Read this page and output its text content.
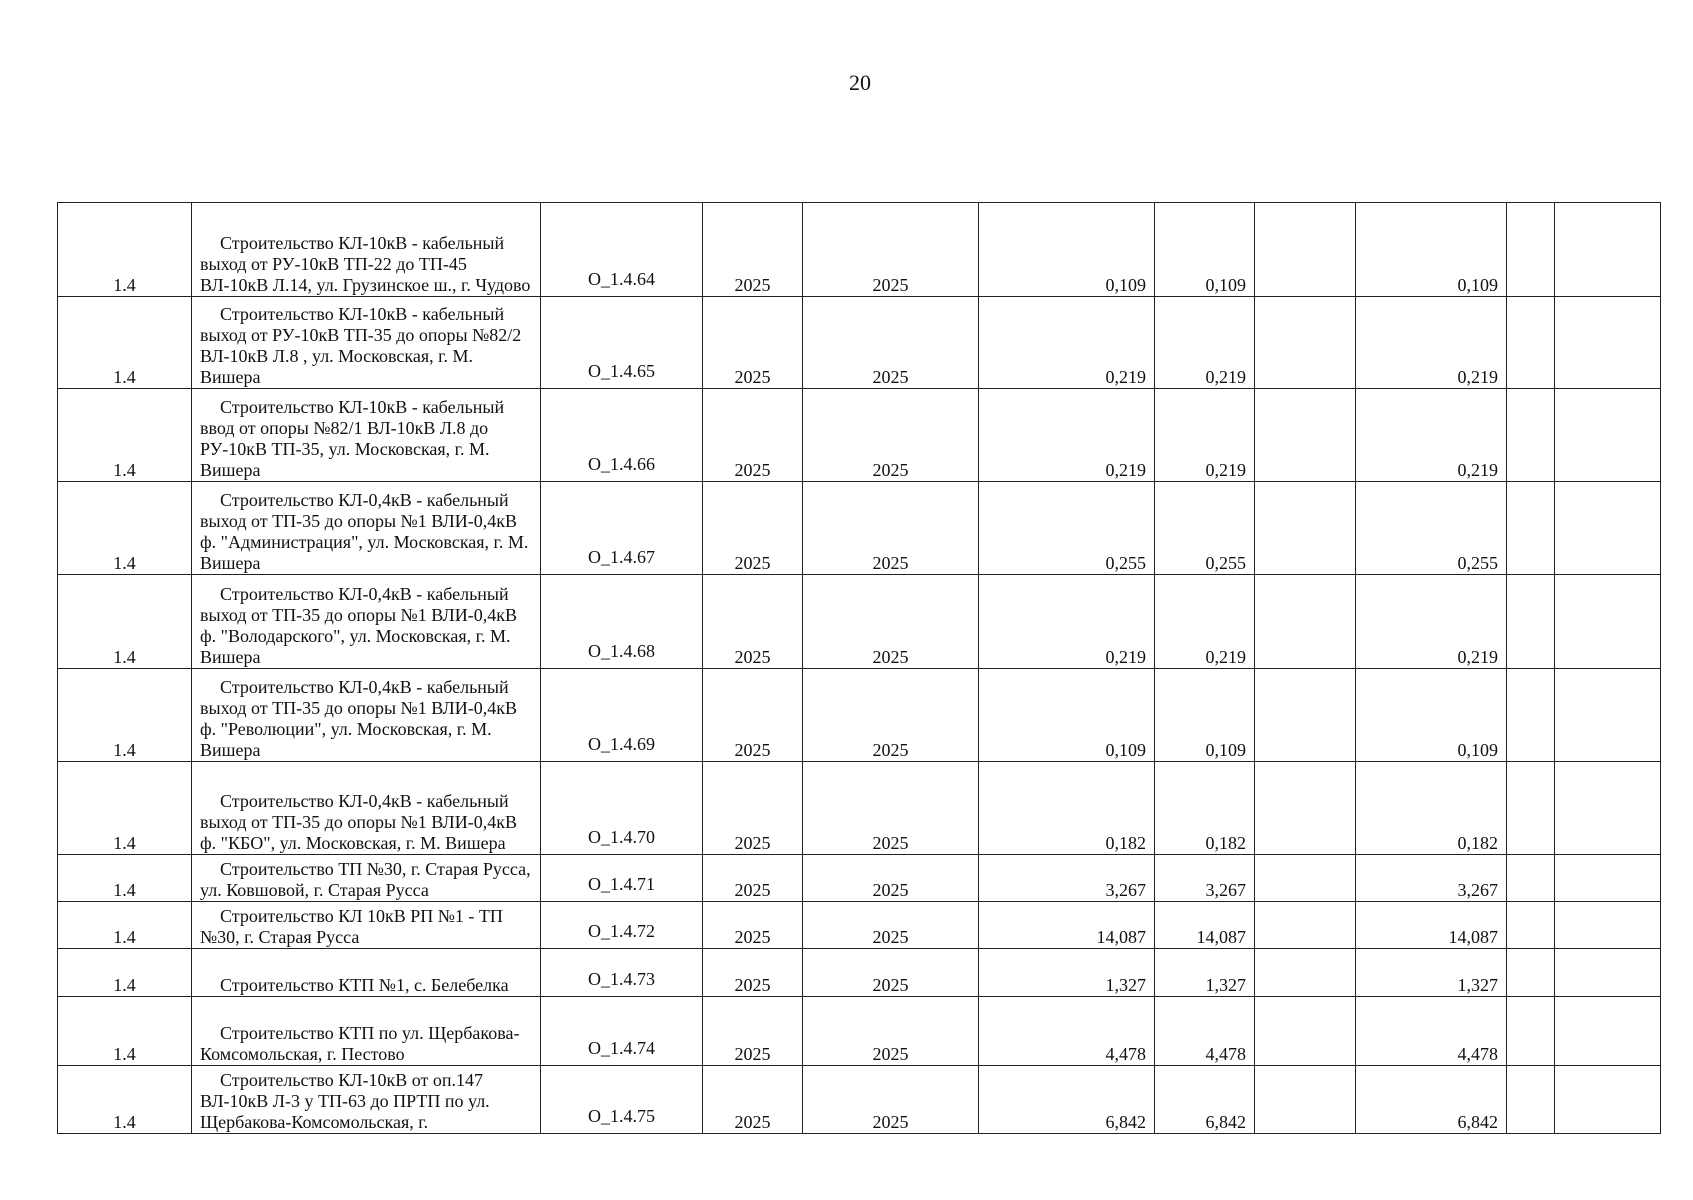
20
1.4	Строительство КЛ-10кВ - кабельный выход от РУ-10кВ ТП-22 до ТП-45 ВЛ-10кВ Л.14, ул. Грузинское ш., г. Чудово	О_1.4.64	2025	2025	0,109	0,109		0,109		
1.4	Строительство КЛ-10кВ - кабельный выход от РУ-10кВ ТП-35 до опоры №82/2 ВЛ-10кВ Л.8 , ул. Московская, г. М. Вишера	О_1.4.65	2025	2025	0,219	0,219		0,219		
1.4	Строительство КЛ-10кВ - кабельный ввод от опоры №82/1 ВЛ-10кВ Л.8 до РУ-10кВ ТП-35, ул. Московская, г. М. Вишера	О_1.4.66	2025	2025	0,219	0,219		0,219		
1.4	Строительство КЛ-0,4кВ - кабельный выход от ТП-35 до опоры №1 ВЛИ-0,4кВ ф. "Администрация", ул. Московская, г. М. Вишера	О_1.4.67	2025	2025	0,255	0,255		0,255		
1.4	Строительство КЛ-0,4кВ - кабельный выход от ТП-35 до опоры №1 ВЛИ-0,4кВ ф. "Володарского", ул. Московская, г. М. Вишера	О_1.4.68	2025	2025	0,219	0,219		0,219		
1.4	Строительство КЛ-0,4кВ - кабельный выход от ТП-35 до опоры №1 ВЛИ-0,4кВ ф. "Революции", ул. Московская, г. М. Вишера	О_1.4.69	2025	2025	0,109	0,109		0,109		
1.4	Строительство КЛ-0,4кВ - кабельный выход от ТП-35 до опоры №1 ВЛИ-0,4кВ ф. "КБО", ул. Московская, г. М. Вишера	О_1.4.70	2025	2025	0,182	0,182		0,182		
1.4	Строительство ТП №30, г. Старая Русса, ул. Ковшовой, г. Старая Русса	О_1.4.71	2025	2025	3,267	3,267		3,267		
1.4	Строительство КЛ 10кВ РП №1 - ТП №30, г. Старая Русса	О_1.4.72	2025	2025	14,087	14,087		14,087		
1.4	Строительство КТП №1, с. Белебелка	О_1.4.73	2025	2025	1,327	1,327		1,327		
1.4	Строительство КТП по ул. Щербакова-Комсомольская, г. Пестово	О_1.4.74	2025	2025	4,478	4,478		4,478		
1.4	Строительство КЛ-10кВ от оп.147 ВЛ-10кВ Л-3 у ТП-63 до ПРТП по ул. Щербакова-Комсомольская, г.	О_1.4.75	2025	2025	6,842	6,842		6,842		
